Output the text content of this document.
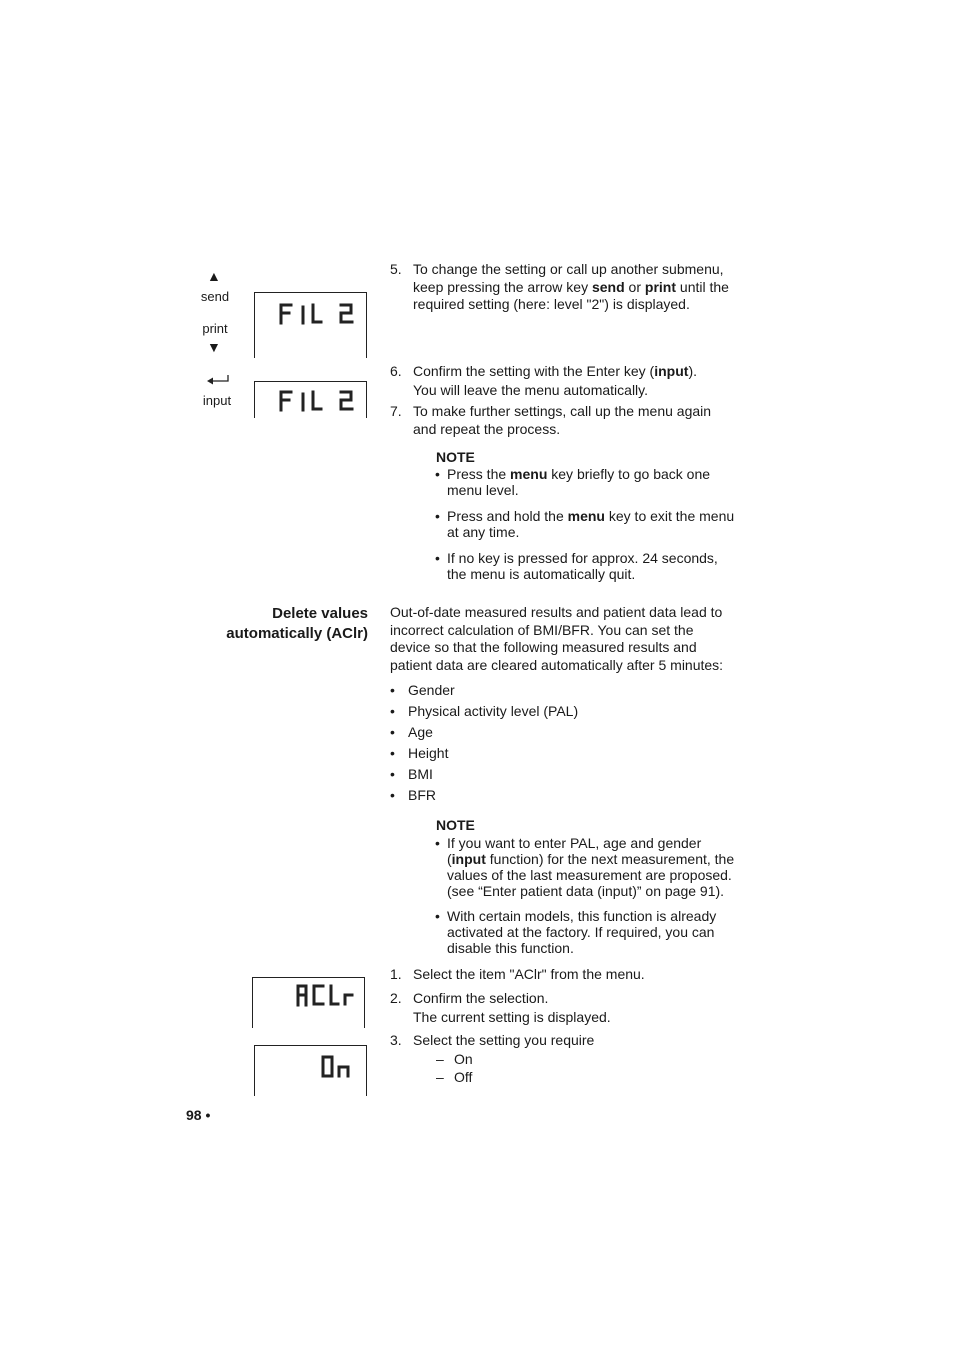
▲
send
print
▼
input
5. To change the setting or call up another submenu, keep pressing the arrow key send or print until the required setting (here: level "2") is displayed.
6. Confirm the setting with the Enter key (input).
You will leave the menu automatically.
7. To make further settings, call up the menu again and repeat the process.
NOTE
• Press the menu key briefly to go back one menu level.
• Press and hold the menu key to exit the menu at any time.
• If no key is pressed for approx. 24 seconds, the menu is automatically quit.
Delete values
automatically (AClr)
Out-of-date measured results and patient data lead to incorrect calculation of BMI/BFR. You can set the device so that the following measured results and patient data are cleared automatically after 5 minutes:
• Gender
• Physical activity level (PAL)
• Age
• Height
• BMI
• BFR
NOTE
• If you want to enter PAL, age and gender (input function) for the next measurement, the values of the last measurement are proposed. (see “Enter patient data (input)” on page 91).
• With certain models, this function is already activated at the factory. If required, you can disable this function.
1. Select the item "AClr" from the menu.
2. Confirm the selection.
The current setting is displayed.
3. Select the setting you require
– On
– Off
98 •
